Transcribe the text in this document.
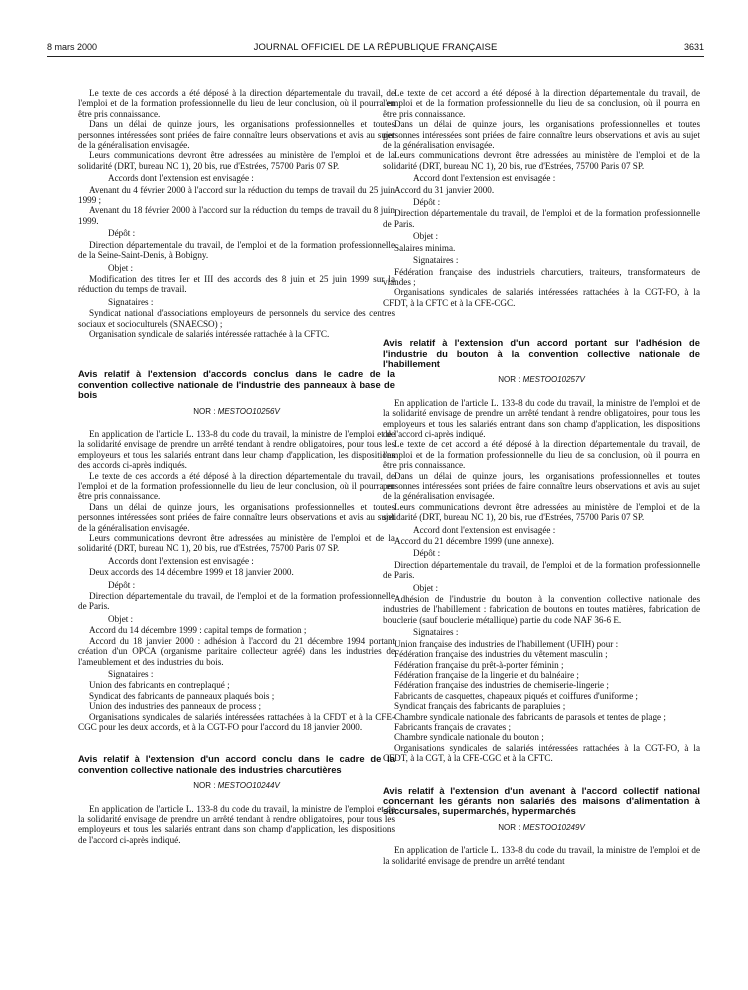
8 mars 2000	JOURNAL OFFICIEL DE LA RÉPUBLIQUE FRANÇAISE	3631

Le texte de ces accords a été déposé à la direction départementale du travail, de l'emploi et de la formation professionnelle du lieu de leur conclusion, où il pourra en être pris connaissance.

Dans un délai de quinze jours, les organisations professionnelles et toutes personnes intéressées sont priées de faire connaître leurs observations et avis au sujet de la généralisation envisagée.

Leurs communications devront être adressées au ministère de l'emploi et de la solidarité (DRT, bureau NC 1), 20 bis, rue d'Estrées, 75700 Paris 07 SP.

Accords dont l'extension est envisagée :

Avenant du 4 février 2000 à l'accord sur la réduction du temps de travail du 25 juin 1999 ;

Avenant du 18 février 2000 à l'accord sur la réduction du temps de travail du 8 juin 1999.

Dépôt :

Direction départementale du travail, de l'emploi et de la formation professionnelle de la Seine-Saint-Denis, à Bobigny.

Objet :

Modification des titres Ier et III des accords des 8 juin et 25 juin 1999 sur la réduction du temps de travail.

Signataires :

Syndicat national d'associations employeurs de personnels du service des centres sociaux et socioculturels (SNAECSO) ;

Organisation syndicale de salariés intéressée rattachée à la CFTC.

Avis relatif à l'extension d'accords conclus dans le cadre de la convention collective nationale de l'industrie des panneaux à base de bois

NOR : MESTOO10256V

En application de l'article L. 133-8 du code du travail, la ministre de l'emploi et de la solidarité envisage de prendre un arrêté tendant à rendre obligatoires, pour tous les employeurs et tous les salariés entrant dans leur champ d'application, les dispositions des accords ci-après indiqués.

Le texte de ces accords a été déposé à la direction départementale du travail, de l'emploi et de la formation professionnelle du lieu de leur conclusion, où il pourra en être pris connaissance.

Dans un délai de quinze jours, les organisations professionnelles et toutes personnes intéressées sont priées de faire connaître leurs observations et avis au sujet de la généralisation envisagée.

Leurs communications devront être adressées au ministère de l'emploi et de la solidarité (DRT, bureau NC 1), 20 bis, rue d'Estrées, 75700 Paris 07 SP.

Accords dont l'extension est envisagée :

Deux accords des 14 décembre 1999 et 18 janvier 2000.

Dépôt :

Direction départementale du travail, de l'emploi et de la formation professionnelle de Paris.

Objet :

Accord du 14 décembre 1999 : capital temps de formation ;

Accord du 18 janvier 2000 : adhésion à l'accord du 21 décembre 1994 portant création d'un OPCA (organisme paritaire collecteur agréé) dans les industries de l'ameublement et des industries du bois.

Signataires :

Union des fabricants en contreplaqué ;

Syndicat des fabricants de panneaux plaqués bois ;

Union des industries des panneaux de process ;

Organisations syndicales de salariés intéressées rattachées à la CFDT et à la CFE-CGC pour les deux accords, et à la CGT-FO pour l'accord du 18 janvier 2000.

Avis relatif à l'extension d'un accord conclu dans le cadre de la convention collective nationale des industries charcutières

NOR : MESTOO10244V

En application de l'article L. 133-8 du code du travail, la ministre de l'emploi et de la solidarité envisage de prendre un arrêté tendant à rendre obligatoires, pour tous les employeurs et tous les salariés entrant dans son champ d'application, les dispositions de l'accord ci-après indiqué.

Le texte de cet accord a été déposé à la direction départementale du travail, de l'emploi et de la formation professionnelle du lieu de sa conclusion, où il pourra en être pris connaissance.

Dans un délai de quinze jours, les organisations professionnelles et toutes personnes intéressées sont priées de faire connaître leurs observations et avis au sujet de la généralisation envisagée.

Leurs communications devront être adressées au ministère de l'emploi et de la solidarité (DRT, bureau NC 1), 20 bis, rue d'Estrées, 75700 Paris 07 SP.

Accord dont l'extension est envisagée :

Accord du 31 janvier 2000.

Dépôt :

Direction départementale du travail, de l'emploi et de la formation professionnelle de Paris.

Objet :

Salaires minima.

Signataires :

Fédération française des industriels charcutiers, traiteurs, transformateurs de viandes ;

Organisations syndicales de salariés intéressées rattachées à la CGT-FO, à la CFDT, à la CFTC et à la CFE-CGC.

Avis relatif à l'extension d'un accord portant sur l'adhésion de l'industrie du bouton à la convention collective nationale de l'habillement

NOR : MESTOO10257V

En application de l'article L. 133-8 du code du travail, la ministre de l'emploi et de la solidarité envisage de prendre un arrêté tendant à rendre obligatoires, pour tous les employeurs et tous les salariés entrant dans son champ d'application, les dispositions de l'accord ci-après indiqué.

Le texte de cet accord a été déposé à la direction départementale du travail, de l'emploi et de la formation professionnelle du lieu de sa conclusion, où il pourra en être pris connaissance.

Dans un délai de quinze jours, les organisations professionnelles et toutes personnes intéressées sont priées de faire connaître leurs observations et avis au sujet de la généralisation envisagée.

Leurs communications devront être adressées au ministère de l'emploi et de la solidarité (DRT, bureau NC 1), 20 bis, rue d'Estrées, 75700 Paris 07 SP.

Accord dont l'extension est envisagée :

Accord du 21 décembre 1999 (une annexe).

Dépôt :

Direction départementale du travail, de l'emploi et de la formation professionnelle de Paris.

Objet :

Adhésion de l'industrie du bouton à la convention collective nationale des industries de l'habillement : fabrication de boutons en toutes matières, fabrication de bouclerie (sauf bouclerie métallique) partie du code NAF 36-6 E.

Signataires :

Union française des industries de l'habillement (UFIH) pour :

Fédération française des industries du vêtement masculin ;

Fédération française du prêt-à-porter féminin ;

Fédération française de la lingerie et du balnéaire ;

Fédération française des industries de chemiserie-lingerie ;

Fabricants de casquettes, chapeaux piqués et coiffures d'uniforme ;

Syndicat français des fabricants de parapluies ;

Chambre syndicale nationale des fabricants de parasols et tentes de plage ;

Fabricants français de cravates ;

Chambre syndicale nationale du bouton ;

Organisations syndicales de salariés intéressées rattachées à la CGT-FO, à la CFDT, à la CGT, à la CFE-CGC et à la CFTC.

Avis relatif à l'extension d'un avenant à l'accord collectif national concernant les gérants non salariés des maisons d'alimentation à succursales, supermarchés, hypermarchés

NOR : MESTOO10249V

En application de l'article L. 133-8 du code du travail, la ministre de l'emploi et de la solidarité envisage de prendre un arrêté tendant
